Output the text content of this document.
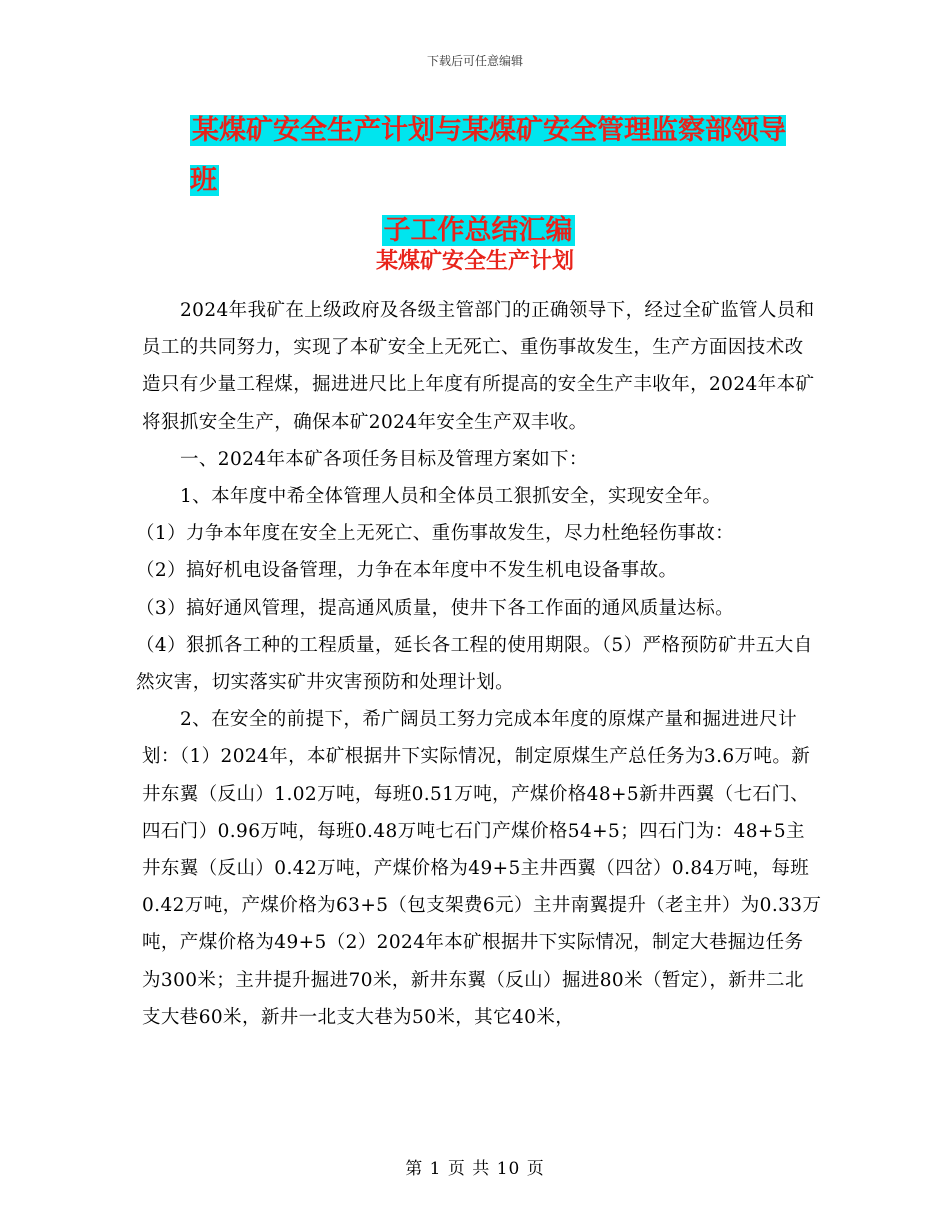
下载后可任意编辑
某煤矿安全生产计划与某煤矿安全管理监察部领导班
子工作总结汇编
某煤矿安全生产计划

2024年我矿在上级政府及各级主管部门的正确领导下，经过全矿监管人员和员工的共同努力，实现了本矿安全上无死亡、重伤事故发生，生产方面因技术改造只有少量工程煤，掘进进尺比上年度有所提高的安全生产丰收年，2024年本矿将狠抓安全生产，确保本矿2024年安全生产双丰收。

一、2024年本矿各项任务目标及管理方案如下：

1、本年度中希全体管理人员和全体员工狠抓安全，实现安全年。

（1）力争本年度在安全上无死亡、重伤事故发生，尽力杜绝轻伤事故：

（2）搞好机电设备管理，力争在本年度中不发生机电设备事故。

（3）搞好通风管理，提高通风质量，使井下各工作面的通风质量达标。

（4）狠抓各工种的工程质量，延长各工程的使用期限。（5）严格预防矿井五大自然灾害，切实落实矿井灾害预防和处理计划。

2、在安全的前提下，希广阔员工努力完成本年度的原煤产量和掘进进尺计划：（1）2024年，本矿根据井下实际情况，制定原煤生产总任务为3.6万吨。新井东翼（反山）1.02万吨，每班0.51万吨，产煤价格48+5新井西翼（七石门、四石门）0.96万吨，每班0.48万吨七石门产煤价格54+5；四石门为：48+5主井东翼（反山）0.42万吨，产煤价格为49+5主井西翼（四岔）0.84万吨，每班0.42万吨，产煤价格为63+5（包支架费6元）主井南翼提升（老主井）为0.33万吨，产煤价格为49+5（2）2024年本矿根据井下实际情况，制定大巷掘边任务为300米；主井提升掘进70米，新井东翼（反山）掘进80米（暂定），新井二北支大巷60米，新井一北支大巷为50米，其它40米，

第 1 页 共 10 页
